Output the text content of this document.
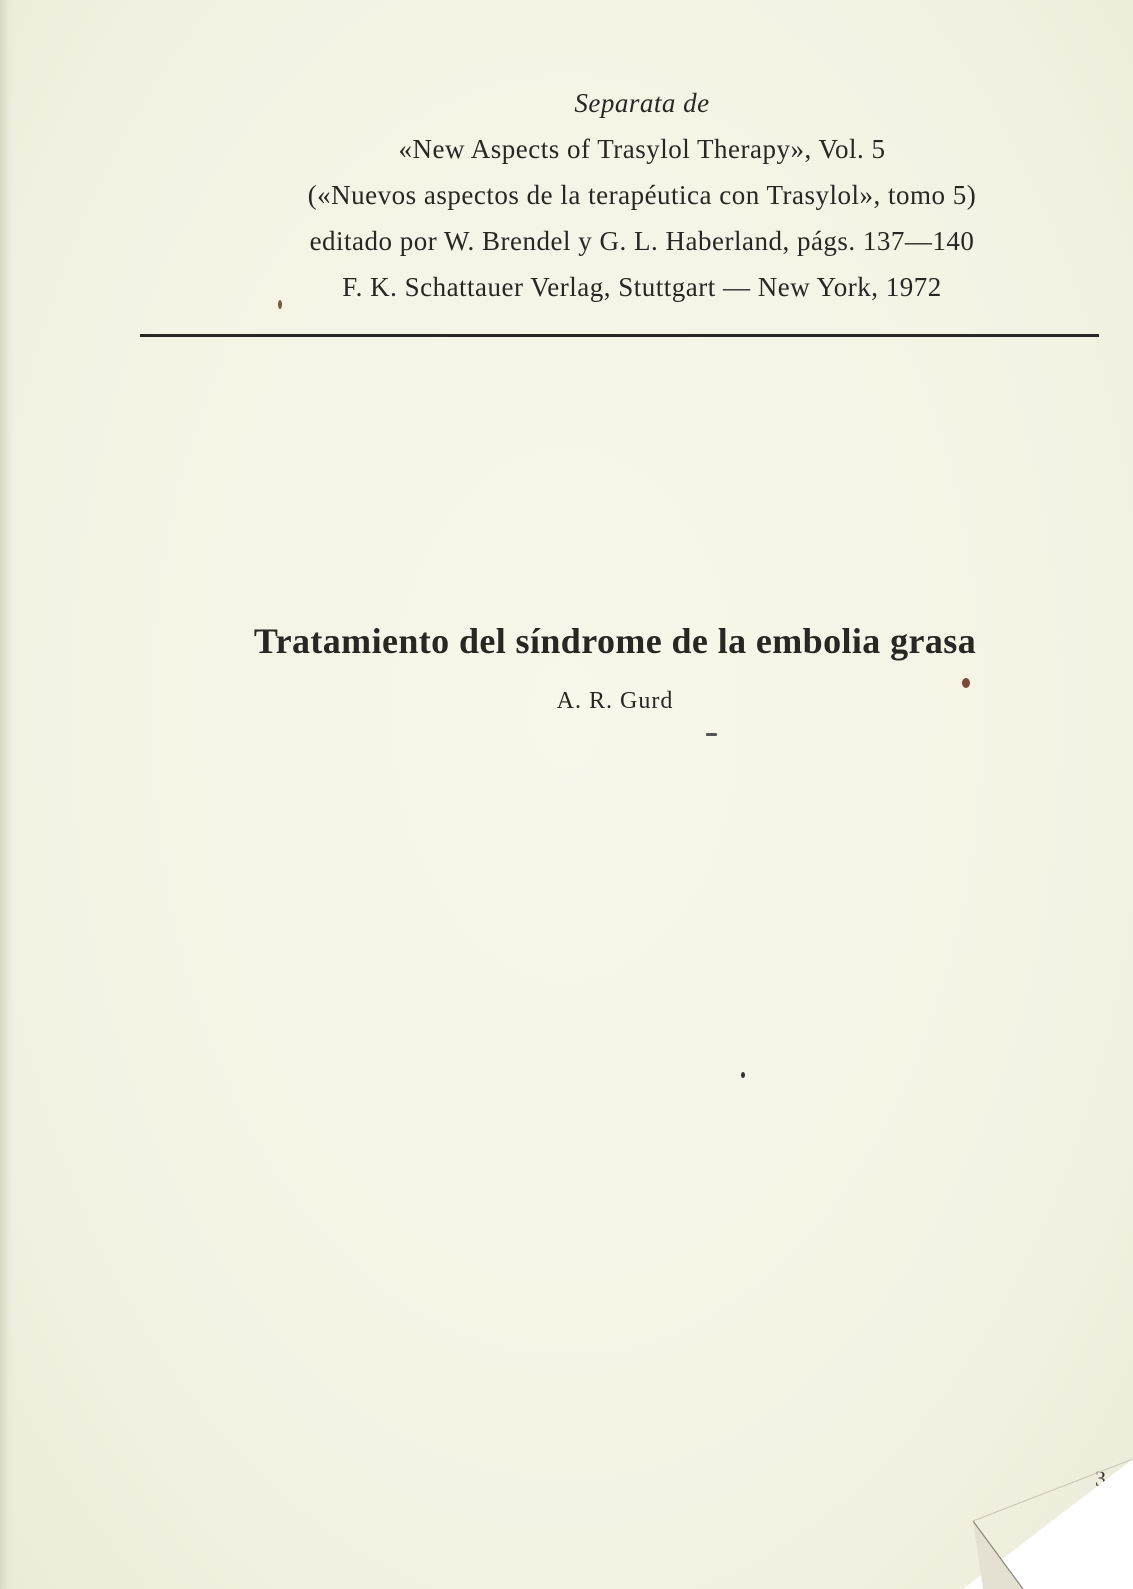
Separata de
«New Aspects of Trasylol Therapy», Vol. 5
(«Nuevos aspectos de la terapéutica con Trasylol», tomo 5)
editado por W. Brendel y G. L. Haberland, págs. 137—140
F. K. Schattauer Verlag, Stuttgart — New York, 1972
Tratamiento del síndrome de la embolia grasa
A. R. Gurd
3
